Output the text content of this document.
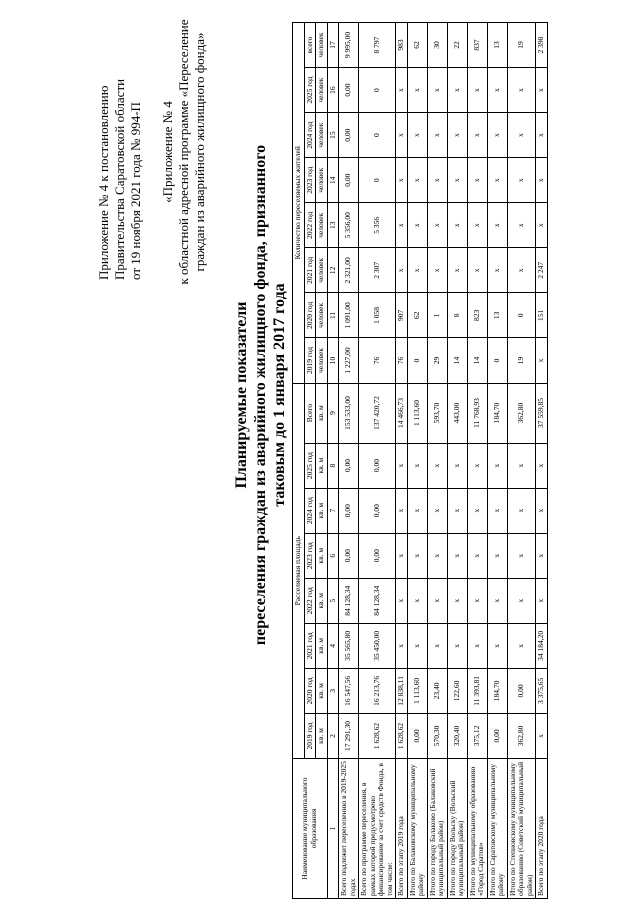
Приложение № 4 к постановлению Правительства Саратовской области от 19 ноября 2021 года № 994-П «Приложение № 4 к областной адресной программе «Переселение граждан из аварийного жилищного фонда»
Планируемые показатели переселения граждан из аварийного жилищного фонда, признанного таковым до 1 января 2017 года
Наименование муниципального образования	Расселяемая площадь								Количество переселяемых жителей							
	2019 год	2020 год	2021 год	2022 год	2023 год	2024 год	2025 год	Всего	2019 год	2020 год	2021 год	2022 год	2023 год	2024 год	2025 год	всего
	кв. м	кв. м	кв. м	кв. м	кв. м	кв. м	кв. м	кв. м	человек	человек	человек	человек	человек	человек	человек	человек
1	2	3	4	5	6	7	8	9	10	11	12	13	14	15	16	17
Всего подлежит переселению в 2019-2025 годах	17 291,30	16 547,56	35 565,80	84 128,34	0,00	0,00	0,00	153 533,00	1 227,00	1 091,00	2 321,00	5 356,00	0,00	0,00	0,00	9 995,00
Всего по программе переселения, в рамках которой предусмотрено финансирование за счет средств Фонда, в том числе:	1 628,62	16 213,76	35 450,00	84 128,34	0,00	0,00	0,00	137 420,72	76	1 058	2 307	5 356	0	0	0	8 797
Всего по этапу 2019 года	1 628,62	12 838,11	x	x	x	x	x	14 466,73	76	907	x	x	x	x	x	983
Итого по Балаковскому муниципальному району	0,00	1 113,60	x	x	x	x	x	1 113,60	0	62	x	x	x	x	x	62
Итого по городу Балаково (Балаковский муниципальный район)	570,30	23,40	x	x	x	x	x	593,70	29	1	x	x	x	x	x	30
Итого по городу Вольску (Вольский муниципальный район)	320,40	122,60	x	x	x	x	x	443,00	14	8	x	x	x	x	x	22
Итого по муниципальному образованию «Город Саратов»	375,12	11 393,81	x	x	x	x	x	11 768,93	14	823	x	x	x	x	x	837
Итого по Саратовскому муниципальному району	0,00	184,70	x	x	x	x	x	184,70	0	13	x	x	x	x	x	13
Итого по Степновскому муниципальному образованию (Советский муниципальный район)	362,80	0,00	x	x	x	x	x	362,80	19	0	x	x	x	x	x	19
Всего по этапу 2020 года	x	3 375,65	34 184,20	x	x	x	x	37 559,85	x	151	2 247	x	x	x	x	2 398
